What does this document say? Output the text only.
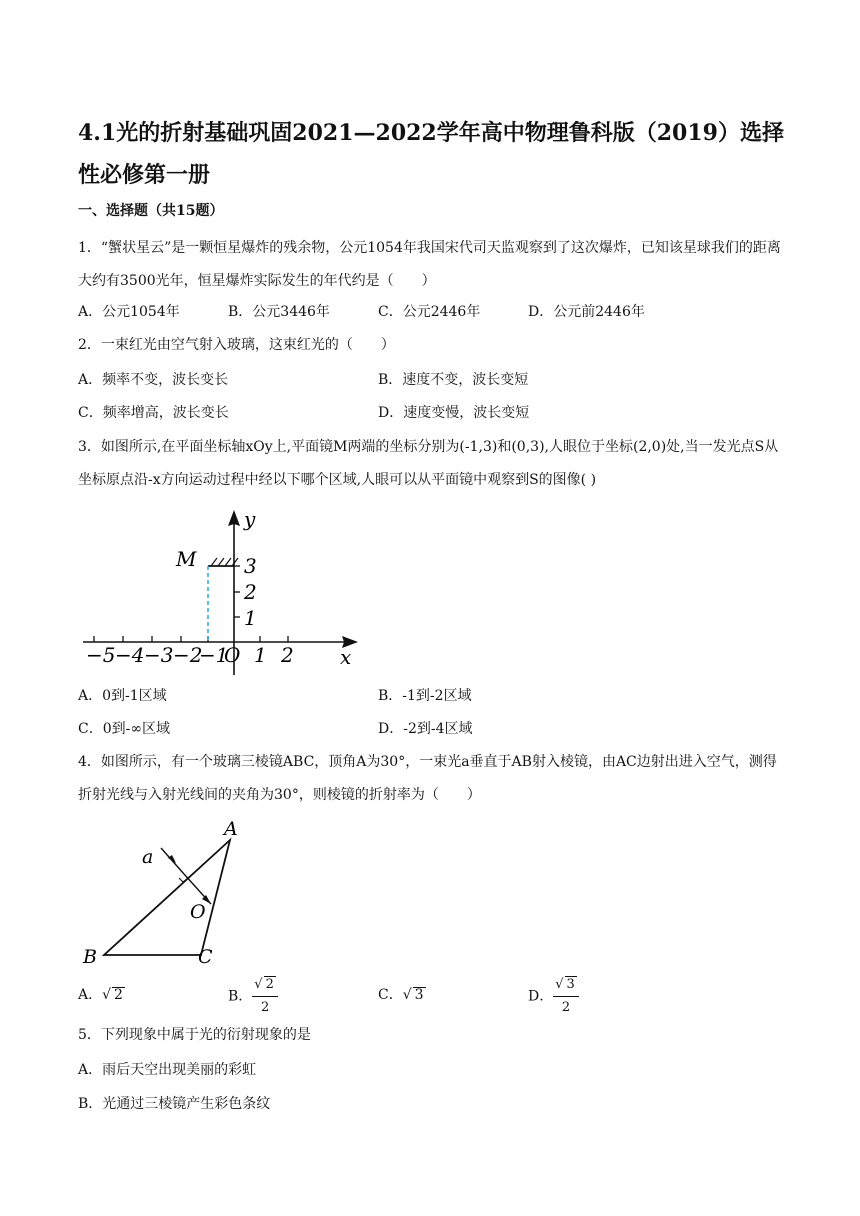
4.1光的折射基础巩固2021—2022学年高中物理鲁科版（2019）选择性必修第一册
一、选择题（共15题）
1．“蟹状星云”是一颗恒星爆炸的残余物，公元1054年我国宋代司天监观察到了这次爆炸，已知该星球我们的距离大约有3500光年，恒星爆炸实际发生的年代约是（　　）
A．公元1054年	B．公元3446年	C．公元2446年	D．公元前2446年
2．一束红光由空气射入玻璃，这束红光的（　　）
A．频率不变，波长变长	B．速度不变，波长变短
C．频率增高，波长变长	D．速度变慢，波长变短
3．如图所示,在平面坐标轴xOy上,平面镜M两端的坐标分别为(-1,3)和(0,3),人眼位于坐标(2,0)处,当一发光点S从坐标原点沿-x方向运动过程中经以下哪个区域,人眼可以从平面镜中观察到S的图像( )
−5 −4 −3 −2
−1
O 1 2 x
1
2
3
y
M
A．0到-1区域	B．-1到-2区域
C．0到-∞区域	D．-2到-4区域
4．如图所示，有一个玻璃三棱镜ABC，顶角A为30°，一束光a垂直于AB射入棱镜，由AC边射出进入空气，测得折射光线与入射光线间的夹角为30°，则棱镜的折射率为（　　）
A
B	C
O
a
A．√ 2	B． $\frac{√ 2}{2}$	C．√ 3	D． $\frac{√ 3}{2}$
5．下列现象中属于光的衍射现象的是
A．雨后天空出现美丽的彩虹
B．光通过三棱镜产生彩色条纹
